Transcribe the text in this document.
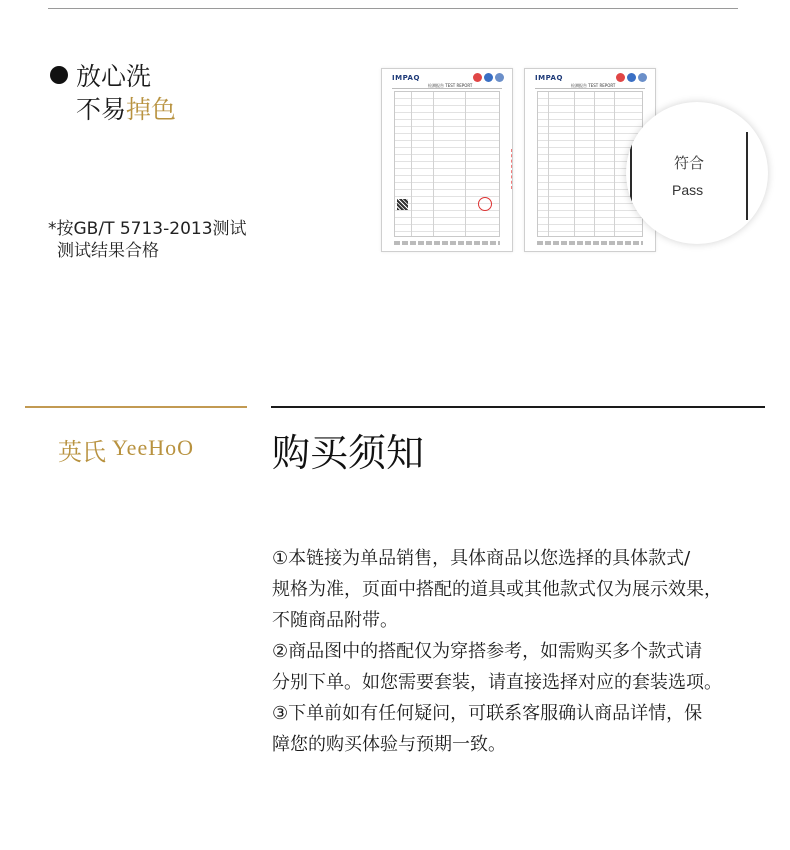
放心洗
不易掉色
*按GB/T 5713-2013测试
测试结果合格
IMPAQ
检测报告 TEST REPORT
IMPAQ
检测报告 TEST REPORT
符合
Pass
英氏 YeeHoO 购买须知

①本链接为单品销售，具体商品以您选择的具体款式/

规格为准，页面中搭配的道具或其他款式仅为展示效果，

不随商品附带。

②商品图中的搭配仅为穿搭参考，如需购买多个款式请

分别下单。如您需要套装，请直接选择对应的套装选项。

③下单前如有任何疑问，可联系客服确认商品详情，保

障您的购买体验与预期一致。
